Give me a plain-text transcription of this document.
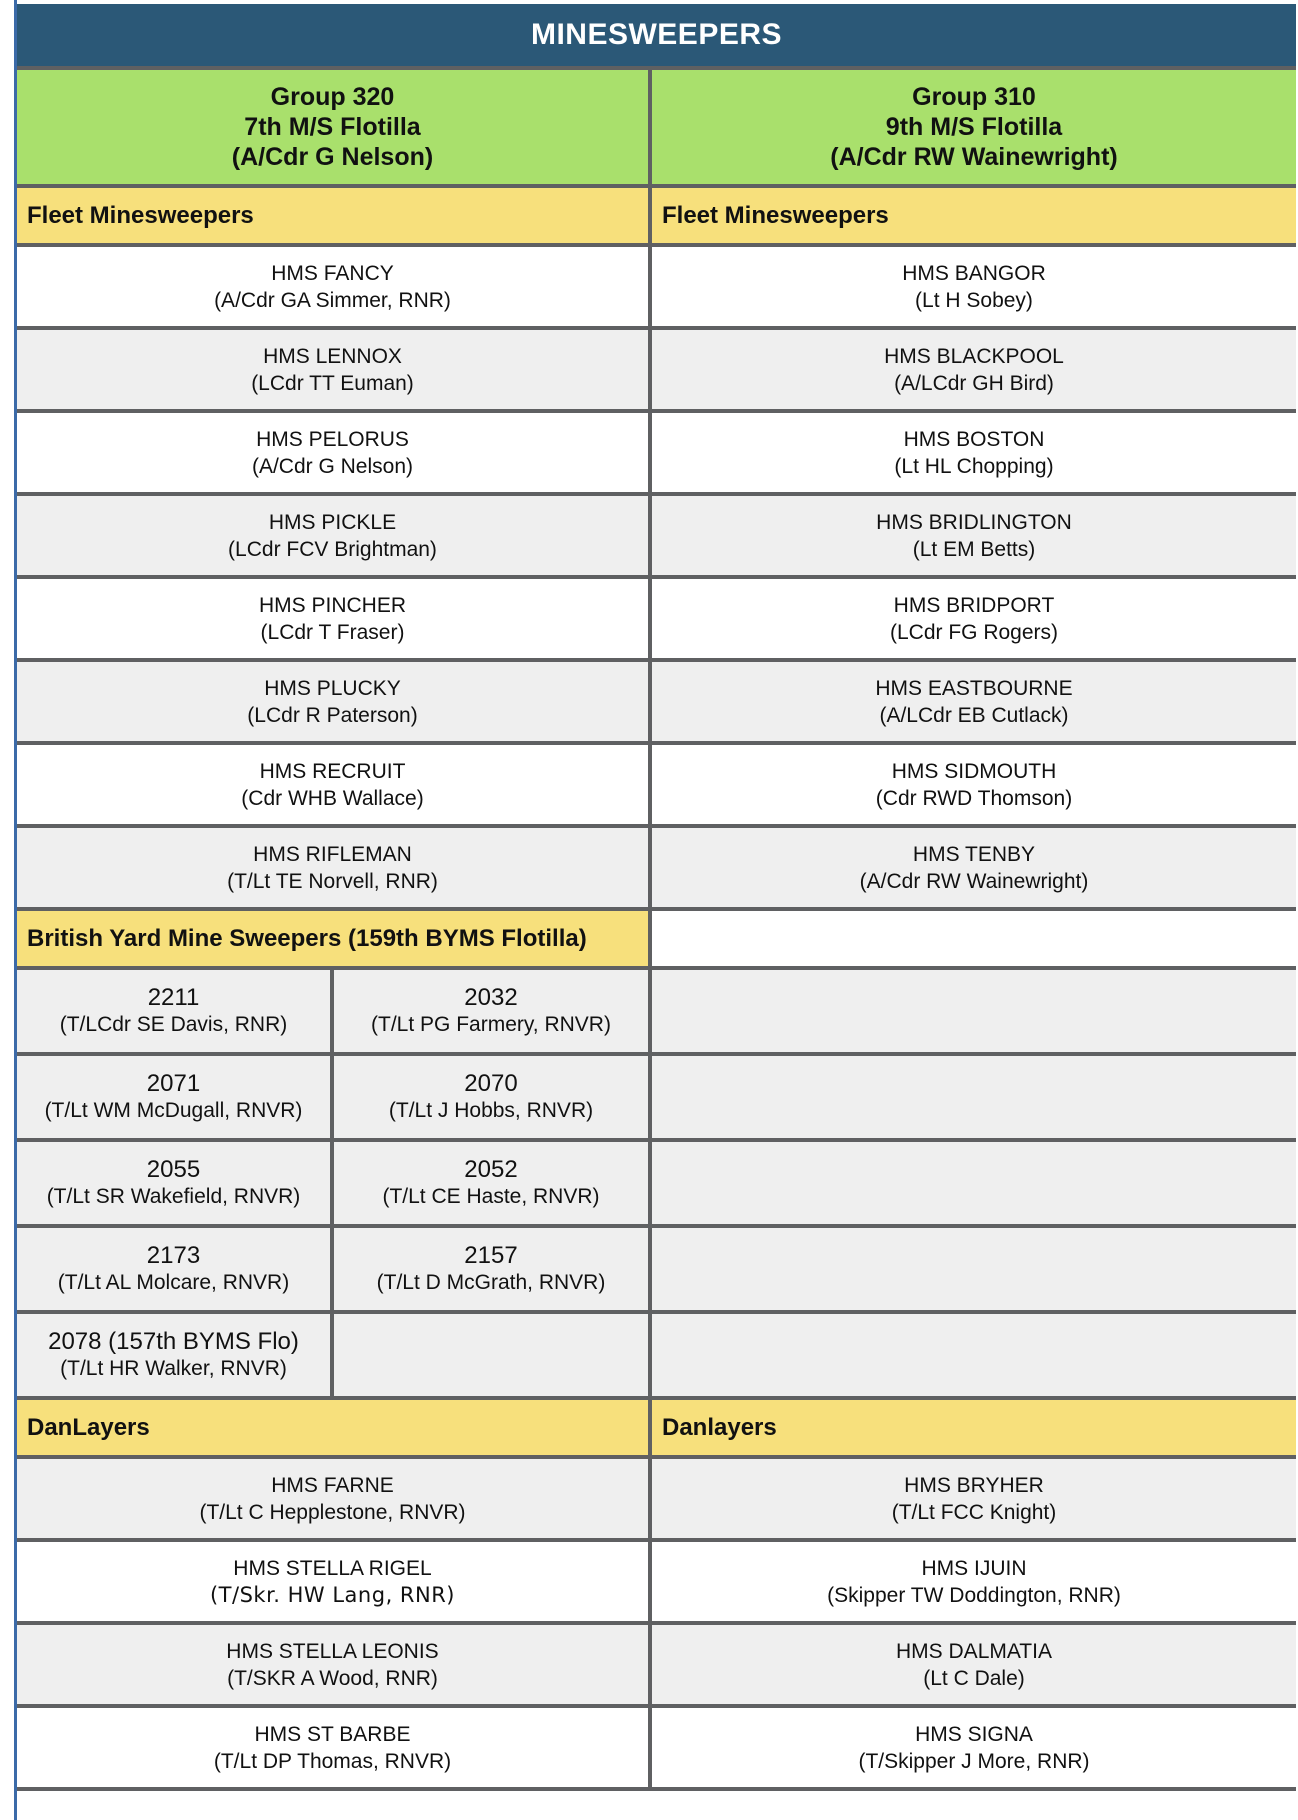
MINESWEEPERS
Group 320
7th M/S Flotilla
(A/Cdr G Nelson)
Fleet Minesweepers
HMS FANCY
(A/Cdr GA Simmer, RNR)
HMS LENNOX
(LCdr TT Euman)
HMS PELORUS
(A/Cdr G Nelson)
HMS PICKLE
(LCdr FCV Brightman)
HMS PINCHER
(LCdr T Fraser)
HMS PLUCKY
(LCdr R Paterson)
HMS RECRUIT
(Cdr WHB Wallace)
HMS RIFLEMAN
(T/Lt TE Norvell, RNR)
British Yard Mine Sweepers (159th BYMS Flotilla)
2211
(T/LCdr SE Davis, RNR)
2032
(T/Lt PG Farmery, RNVR)
2071
(T/Lt WM McDugall, RNVR)
2070
(T/Lt J Hobbs, RNVR)
2055
(T/Lt SR Wakefield, RNVR)
2052
(T/Lt CE Haste, RNVR)
2173
(T/Lt AL Molcare, RNVR)
2157
(T/Lt D McGrath, RNVR)
2078 (157th BYMS Flo)
(T/Lt HR Walker, RNVR)
DanLayers
HMS FARNE
(T/Lt C Hepplestone, RNVR)
HMS STELLA RIGEL
(T/Skr. HW Lang, RNR)
HMS STELLA LEONIS
(T/SKR A Wood, RNR)
HMS ST BARBE
(T/Lt DP Thomas, RNVR)
Group 310
9th M/S Flotilla
(A/Cdr RW Wainewright)
Fleet Minesweepers
HMS BANGOR
(Lt H Sobey)
HMS BLACKPOOL
(A/LCdr GH Bird)
HMS BOSTON
(Lt HL Chopping)
HMS BRIDLINGTON
(Lt EM Betts)
HMS BRIDPORT
(LCdr FG Rogers)
HMS EASTBOURNE
(A/LCdr EB Cutlack)
HMS SIDMOUTH
(Cdr RWD Thomson)
HMS TENBY
(A/Cdr RW Wainewright)
Danlayers
HMS BRYHER
(T/Lt FCC Knight)
HMS IJUIN
(Skipper TW Doddington, RNR)
HMS DALMATIA
(Lt C Dale)
HMS SIGNA
(T/Skipper J More, RNR)
